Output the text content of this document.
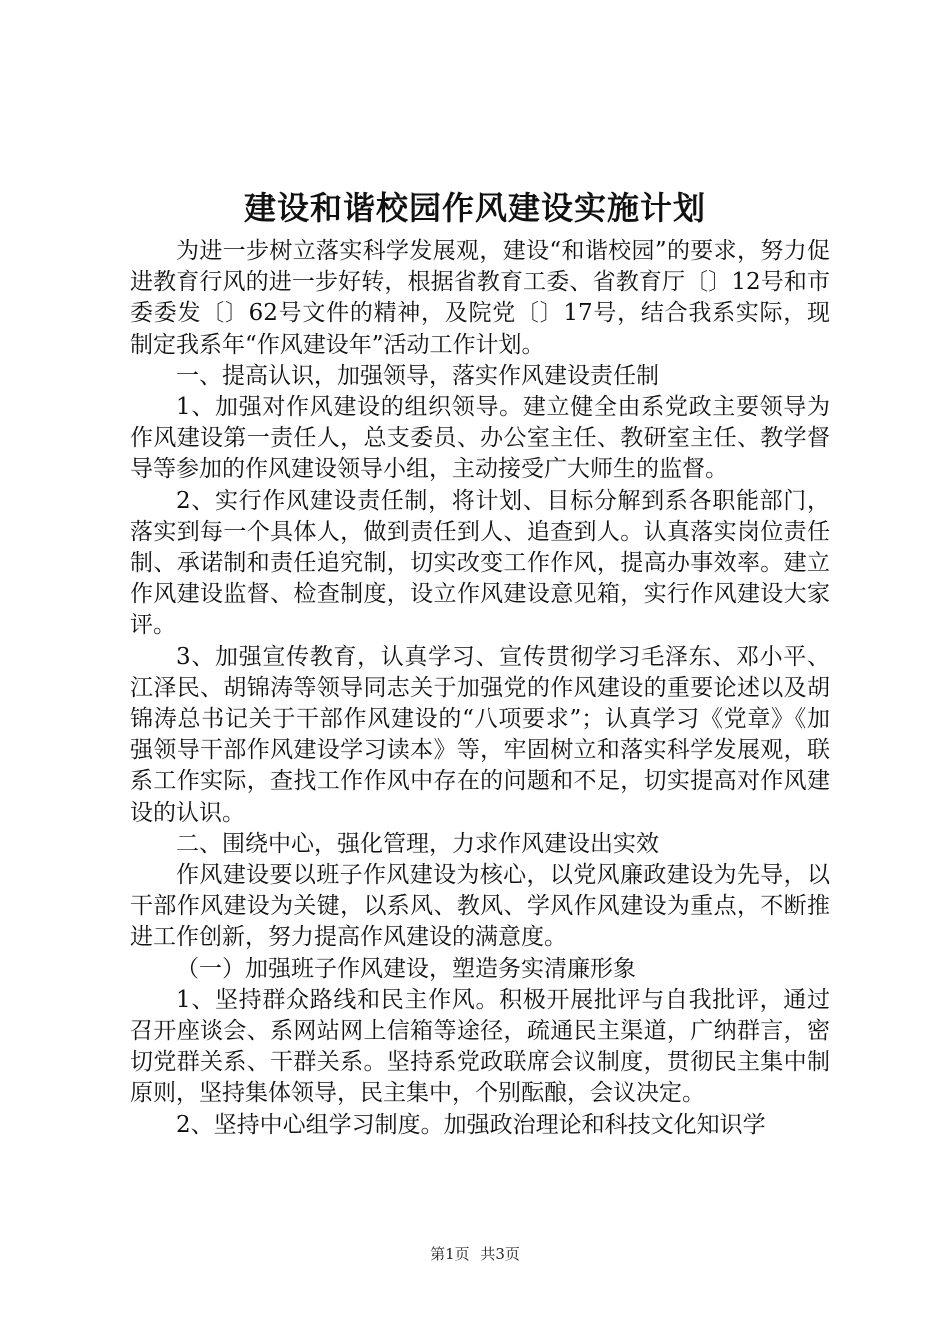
建设和谐校园作风建设实施计划

为进一步树立落实科学发展观，建设“和谐校园”的要求，努力促进教育行风的进一步好转，根据省教育工委、省教育厅〔〕12号和市委委发〔〕62号文件的精神，及院党〔〕17号，结合我系实际，现制定我系年“作风建设年”活动工作计划。

一、提高认识，加强领导，落实作风建设责任制

1、加强对作风建设的组织领导。建立健全由系党政主要领导为作风建设第一责任人，总支委员、办公室主任、教研室主任、教学督导等参加的作风建设领导小组，主动接受广大师生的监督。

2、实行作风建设责任制，将计划、目标分解到系各职能部门，落实到每一个具体人，做到责任到人、追查到人。认真落实岗位责任制、承诺制和责任追究制，切实改变工作作风，提高办事效率。建立作风建设监督、检查制度，设立作风建设意见箱，实行作风建设大家评。

3、加强宣传教育，认真学习、宣传贯彻学习毛泽东、邓小平、江泽民、胡锦涛等领导同志关于加强党的作风建设的重要论述以及胡锦涛总书记关于干部作风建设的“八项要求”；认真学习《党章》《加强领导干部作风建设学习读本》等，牢固树立和落实科学发展观，联系工作实际，查找工作作风中存在的问题和不足，切实提高对作风建设的认识。

二、围绕中心，强化管理，力求作风建设出实效

作风建设要以班子作风建设为核心，以党风廉政建设为先导，以干部作风建设为关键，以系风、教风、学风作风建设为重点，不断推进工作创新，努力提高作风建设的满意度。

（一）加强班子作风建设，塑造务实清廉形象

1、坚持群众路线和民主作风。积极开展批评与自我批评，通过召开座谈会、系网站网上信箱等途径，疏通民主渠道，广纳群言，密切党群关系、干群关系。坚持系党政联席会议制度，贯彻民主集中制原则，坚持集体领导，民主集中，个别酝酿，会议决定。

2、坚持中心组学习制度。加强政治理论和科技文化知识学

第1页 共3页
